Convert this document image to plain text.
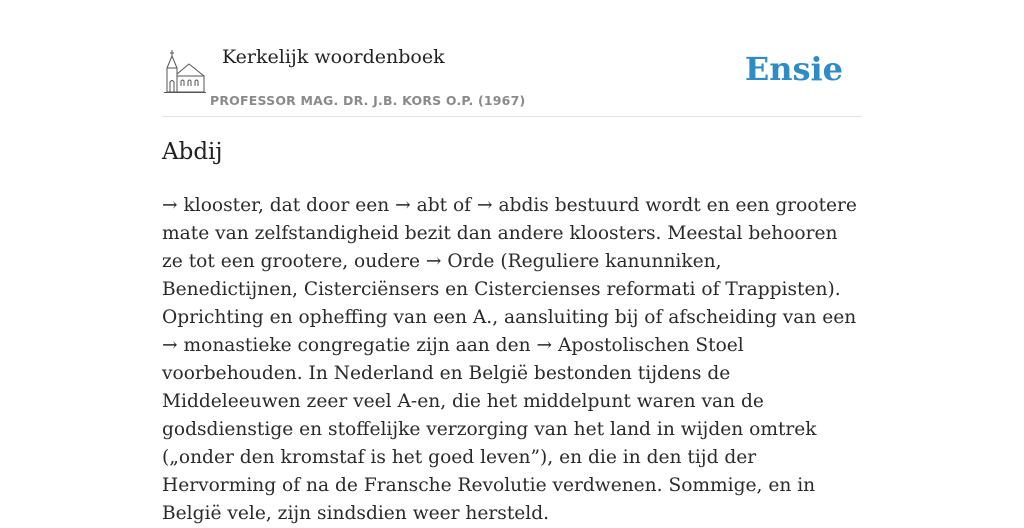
Kerkelijk woordenboek
PROFESSOR MAG. DR. J.B. KORS O.P. (1967)
Ensie
Abdij

→ klooster, dat door een → abt of → abdis bestuurd wordt en een grootere mate van zelfstandigheid bezit dan andere kloosters. Meestal behooren ze tot een grootere, oudere → Orde (Reguliere kanunniken, Benedictijnen, Cisterciënsers en Cistercienses reformati of Trappisten). Oprichting en opheffing van een A., aansluiting bij of afscheiding van een → monastieke congregatie zijn aan den → Apostolischen Stoel voorbehouden. In Nederland en België bestonden tijdens de Middeleeuwen zeer veel A-en, die het middelpunt waren van de godsdienstige en stoffelijke verzorging van het land in wijden omtrek („onder den kromstaf is het goed leven”), en die in den tijd der Hervorming of na de Fransche Revolutie verdwenen. Sommige, en in België vele, zijn sindsdien weer hersteld.
